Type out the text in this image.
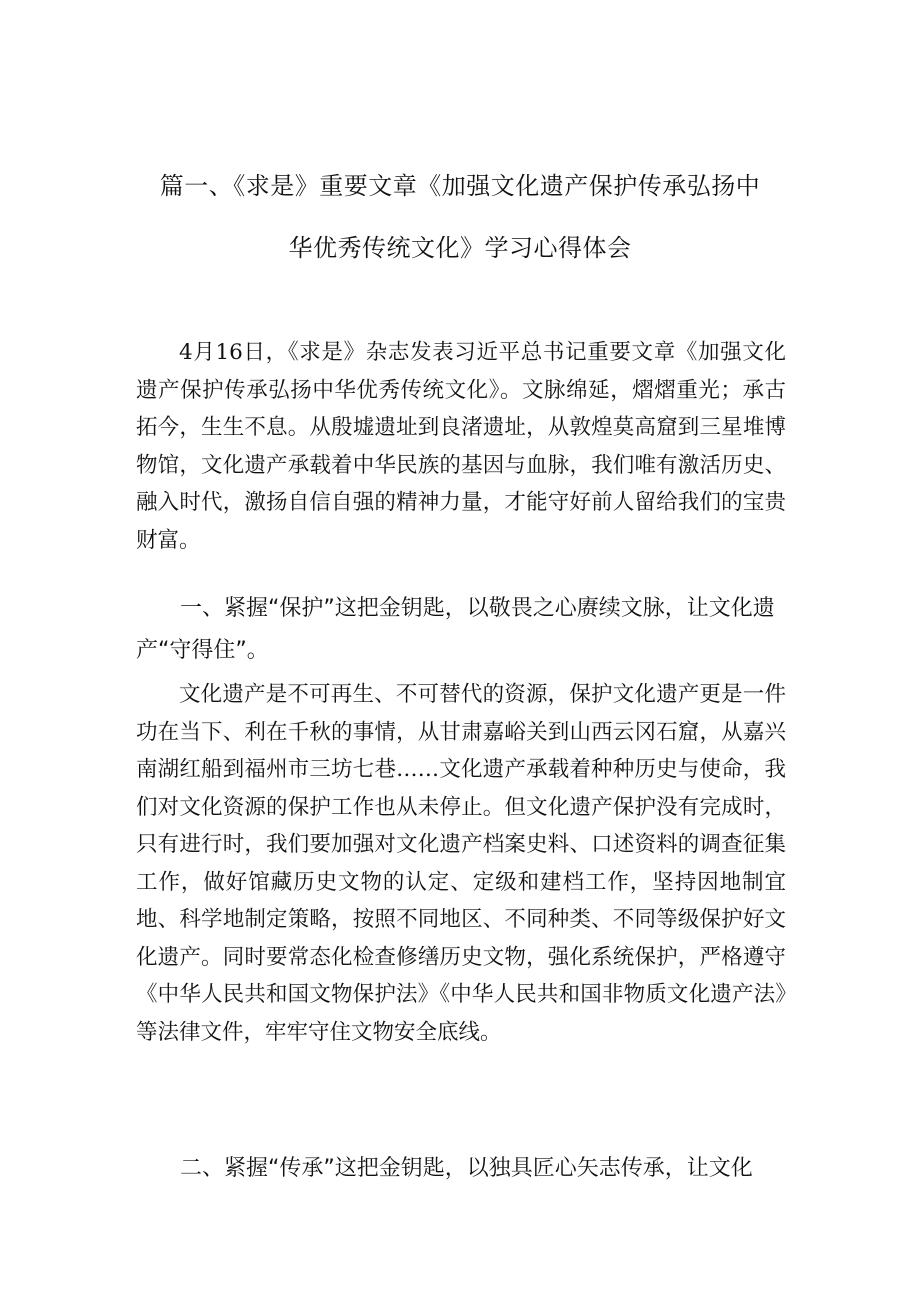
篇一、《求是》重要文章《加强文化遗产保护传承弘扬中
华优秀传统文化》学习心得体会

4月16日，《求是》杂志发表习近平总书记重要文章《加强文化遗产保护传承弘扬中华优秀传统文化》。文脉绵延，熠熠重光；承古拓今，生生不息。从殷墟遗址到良渚遗址，从敦煌莫高窟到三星堆博物馆，文化遗产承载着中华民族的基因与血脉，我们唯有激活历史、融入时代，激扬自信自强的精神力量，才能守好前人留给我们的宝贵财富。

一、紧握“保护”这把金钥匙，以敬畏之心赓续文脉，让文化遗产“守得住”。

文化遗产是不可再生、不可替代的资源，保护文化遗产更是一件功在当下、利在千秋的事情，从甘肃嘉峪关到山西云冈石窟，从嘉兴南湖红船到福州市三坊七巷……文化遗产承载着种种历史与使命，我们对文化资源的保护工作也从未停止。但文化遗产保护没有完成时，只有进行时，我们要加强对文化遗产档案史料、口述资料的调查征集工作，做好馆藏历史文物的认定、定级和建档工作，坚持因地制宜地、科学地制定策略，按照不同地区、不同种类、不同等级保护好文化遗产。同时要常态化检查修缮历史文物，强化系统保护，严格遵守《中华人民共和国文物保护法》《中华人民共和国非物质文化遗产法》等法律文件，牢牢守住文物安全底线。

二、紧握“传承”这把金钥匙，以独具匠心矢志传承，让文化
